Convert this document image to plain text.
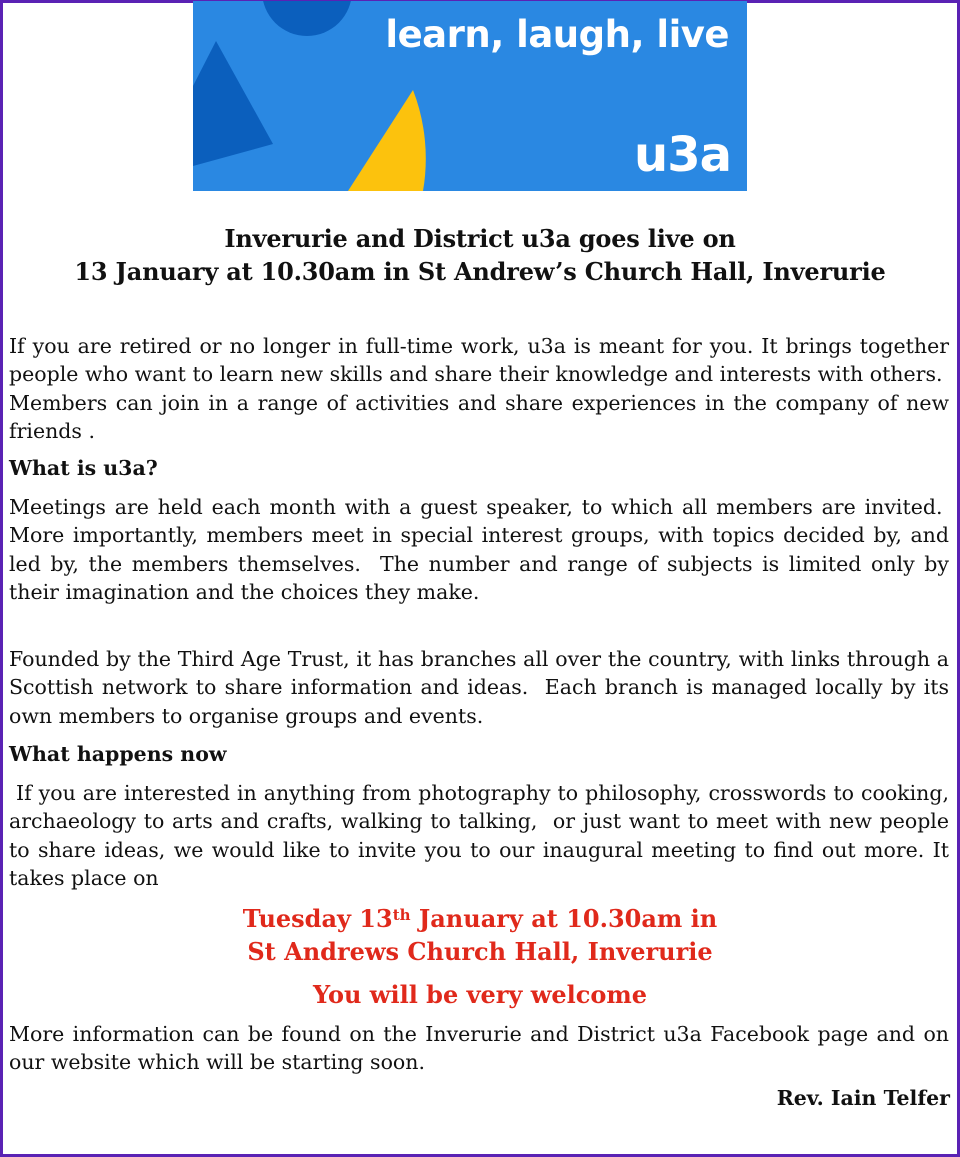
learn, laugh, live
u3a
Inverurie and District u3a goes live on
13 January at 10.30am in St Andrew’s Church Hall, Inverurie

If you are retired or no longer in full-time work, u3a is meant for you. It brings together people who want to learn new skills and share their knowledge and interests with others.  Members can join in a range of activities and share experiences in the company of new friends .

What is u3a?

Meetings are held each month with a guest speaker, to which all members are invited.  More importantly, members meet in special interest groups, with topics decided by, and led by, the members themselves.  The number and range of subjects is limited only by their imagination and the choices they make.

Founded by the Third Age Trust, it has branches all over the country, with links through a Scottish network to share information and ideas.  Each branch is managed locally by its own members to organise groups and events.

What happens now

If you are interested in anything from photography to philosophy, crosswords to cooking, archaeology to arts and crafts, walking to talking,  or just want to meet with new people to share ideas, we would like to invite you to our inaugural meeting to find out more. It takes place on

Tuesday 13th January at 10.30am in
St Andrews Church Hall, Inverurie
You will be very welcome

More information can be found on the Inverurie and District u3a Facebook page and on our website which will be starting soon.

Rev. Iain Telfer
